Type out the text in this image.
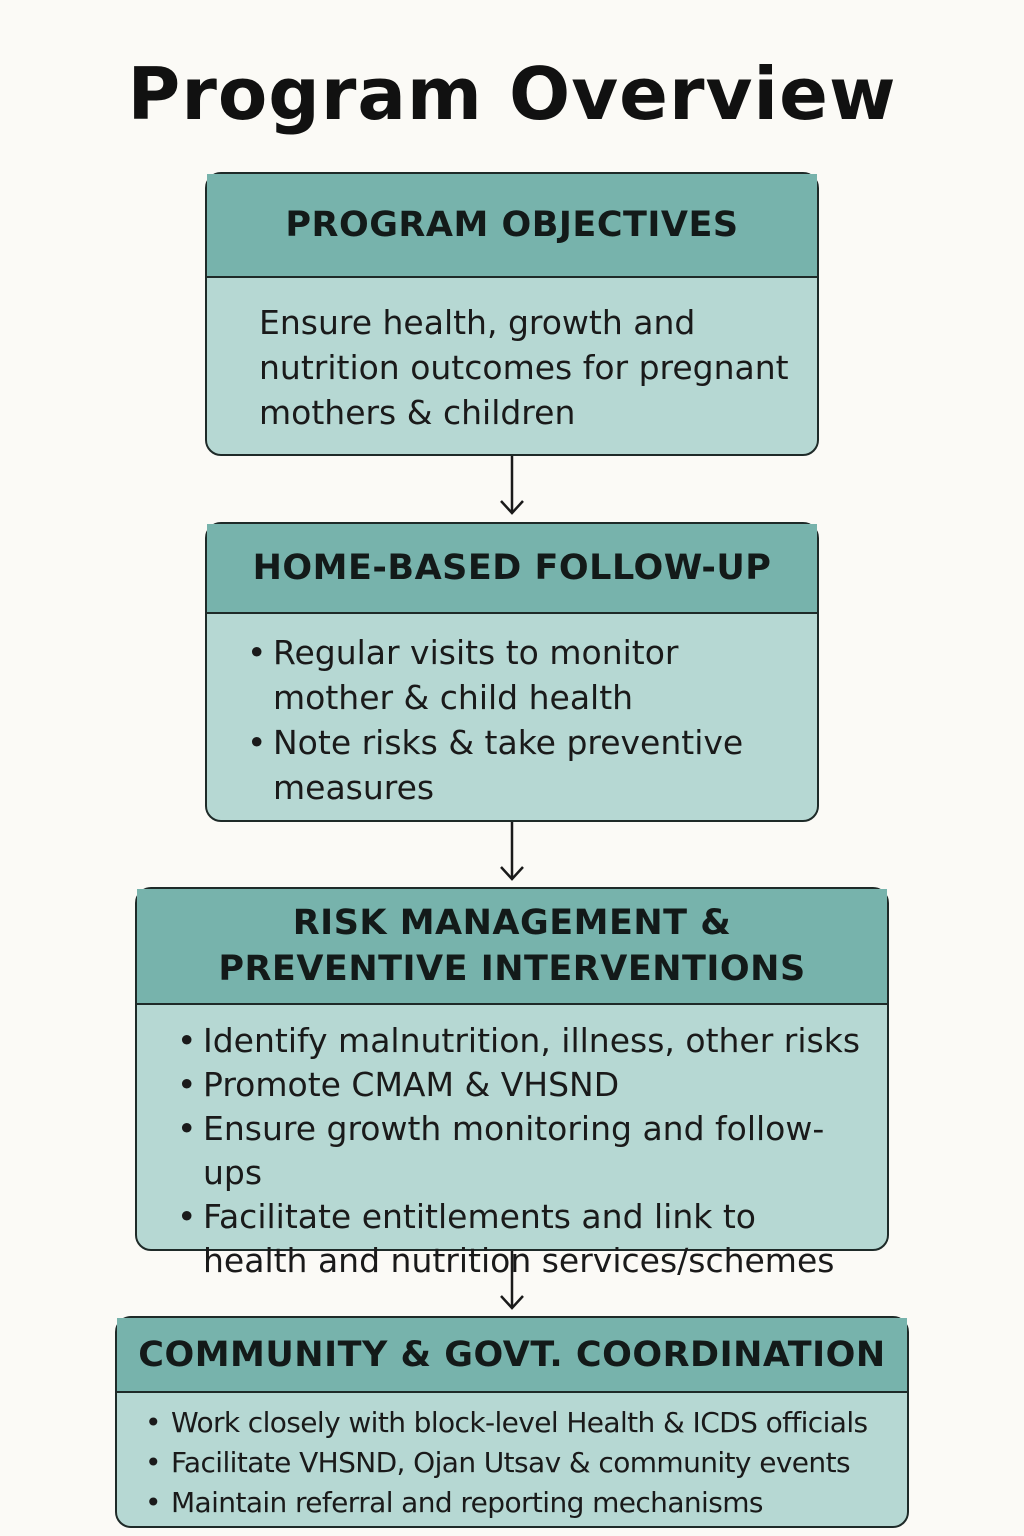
Program Overview
PROGRAM OBJECTIVES

Ensure health, growth and nutrition outcomes for pregnant mothers & children

HOME-BASED FOLLOW-UP
• Regular visits to monitor mother & child health
• Note risks & take preventive measures
RISK MANAGEMENT &
PREVENTIVE INTERVENTIONS
• Identify malnutrition, illness, other risks
• Promote CMAM & VHSND
• Ensure growth monitoring and follow-ups
• Facilitate entitlements and link to health and nutrition services/schemes
COMMUNITY & GOVT. COORDINATION
• Work closely with block-level Health & ICDS officials
• Facilitate VHSND, Ojan Utsav & community events
• Maintain referral and reporting mechanisms
